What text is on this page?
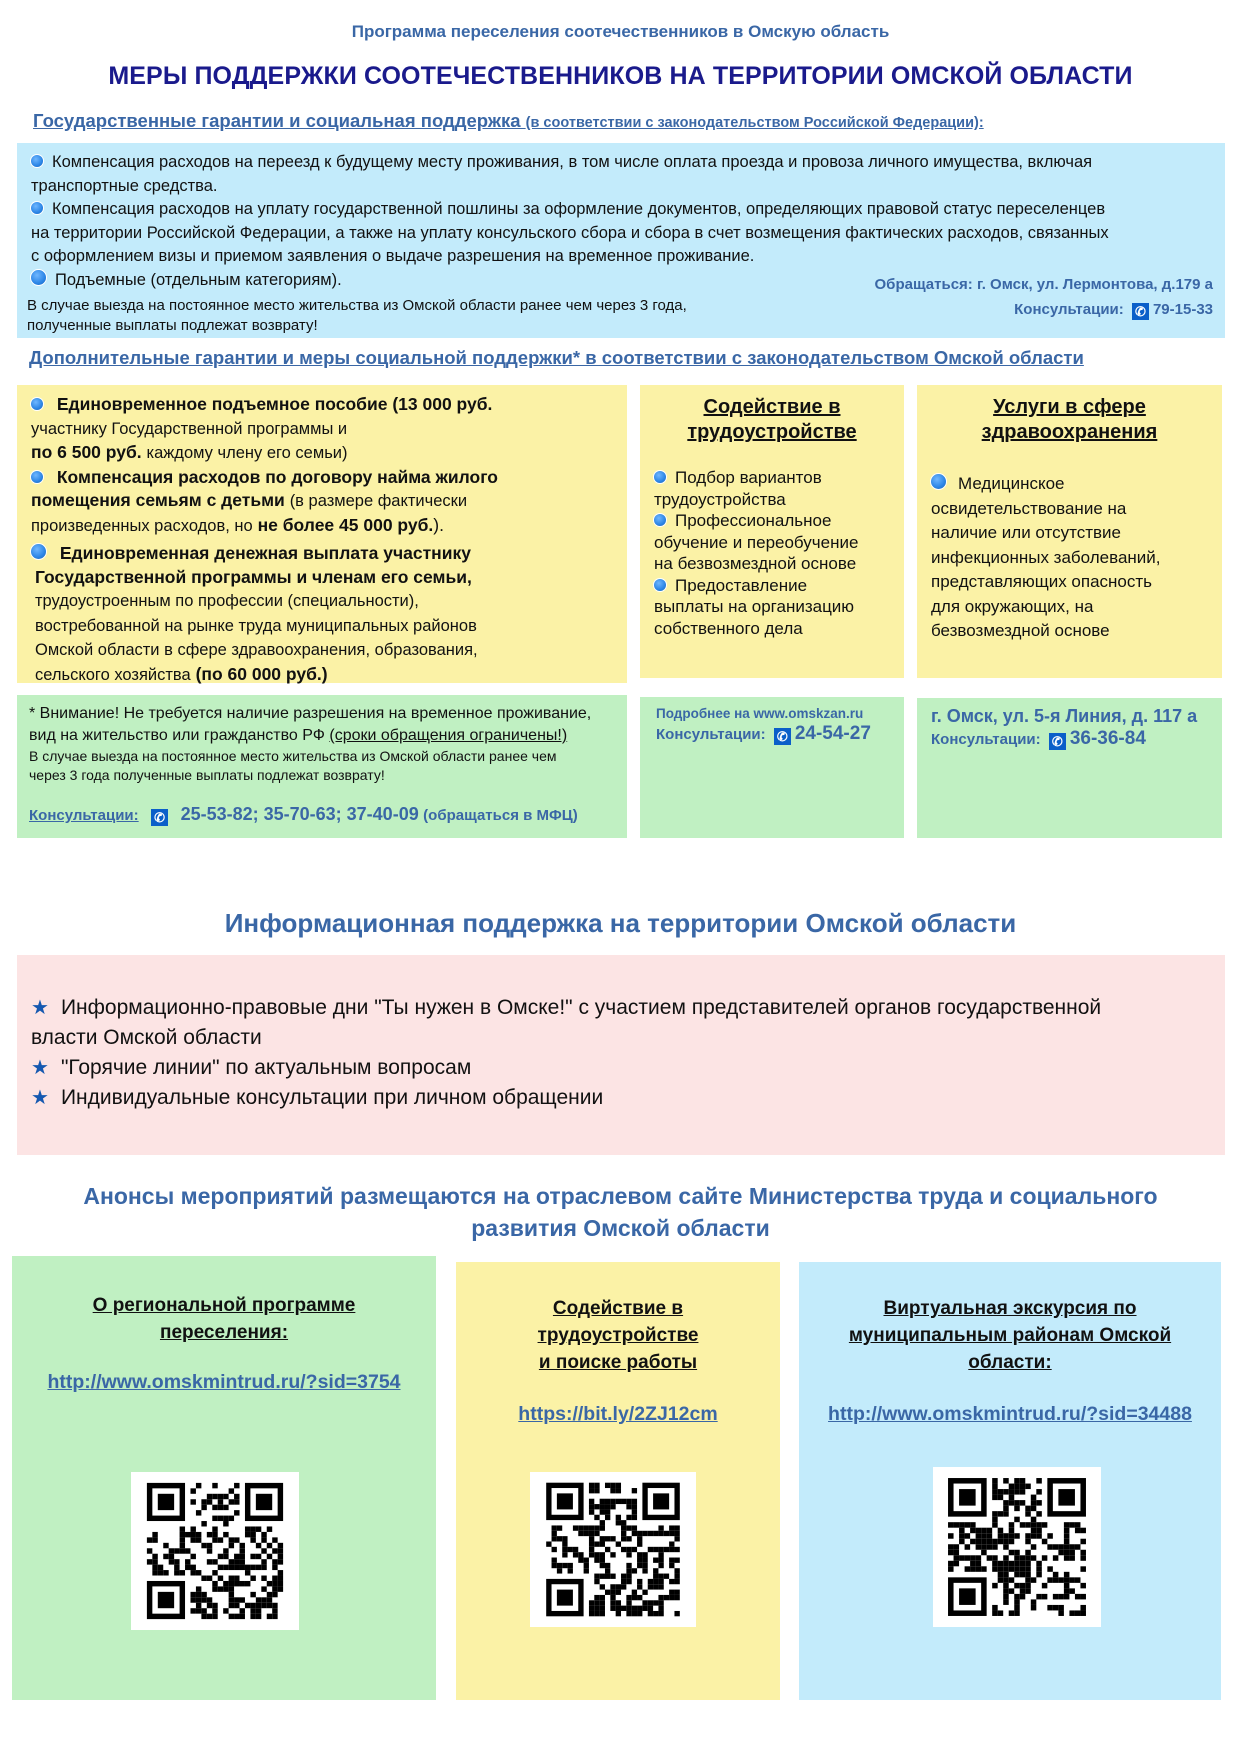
Программа переселения соотечественников в Омскую область
МЕРЫ ПОДДЕРЖКИ СООТЕЧЕСТВЕННИКОВ НА ТЕРРИТОРИИ ОМСКОЙ ОБЛАСТИ
Государственные гарантии и социальная поддержка (в соответствии с законодательством Российской Федерации):
Компенсация расходов на переезд к будущему месту проживания, в том числе оплата проезда и провоза личного имущества, включая
транспортные средства.
Компенсация расходов на уплату государственной пошлины за оформление документов, определяющих правовой статус переселенцев
на территории Российской Федерации, а также на уплату консульского сбора и сбора в счет возмещения фактических расходов, связанных
с оформлением визы и приемом заявления о выдаче разрешения на временное проживание.
Подъемные (отдельным категориям).
В случае выезда на постоянное место жительства из Омской области ранее чем через 3 года,
полученные выплаты подлежат возврату!
Обращаться: г. Омск, ул. Лермонтова, д.179 а
Консультации: ✆ 79-15-33
Дополнительные гарантии и меры социальной поддержки* в соответствии с законодательством Омской области
Единовременное подъемное пособие (13 000 руб.
участнику Государственной программы и
по 6 500 руб. каждому члену его семьи)
Компенсация расходов по договору найма жилого
помещения семьям с детьми (в размере фактически
произведенных расходов, но не более 45 000 руб.).
Единовременная денежная выплата участнику
Государственной программы и членам его семьи,
трудоустроенным по профессии (специальности),
востребованной на рынке труда муниципальных районов
Омской области в сфере здравоохранения, образования,
сельского хозяйства (по 60 000 руб.)
Содействие в
трудоустройстве
Подбор вариантов
трудоустройства
Профессиональное
обучение и переобучение
на безвозмездной основе
Предоставление
выплаты на организацию
собственного дела
Услуги в сфере
здравоохранения
Медицинское
освидетельствование на
наличие или отсутствие
инфекционных заболеваний,
представляющих опасность
для окружающих, на
безвозмездной основе
* Внимание! Не требуется наличие разрешения на временное проживание,
вид на жительство или гражданство РФ (сроки обращения ограничены!)
В случае выезда на постоянное место жительства из Омской области ранее чем
через 3 года полученные выплаты подлежат возврату!
Консультации: ✆ 25-53-82; 35-70-63; 37-40-09 (обращаться в МФЦ)
Подробнее на www.omskzan.ru
Консультации: ✆ 24-54-27
г. Омск, ул. 5-я Линия, д. 117 а
Консультации: ✆ 36-36-84
Информационная поддержка на территории Омской области
★ Информационно-правовые дни "Ты нужен в Омске!" с участием представителей органов государственной
власти Омской области
★ "Горячие линии" по актуальным вопросам
★ Индивидуальные консультации при личном обращении
Анонсы мероприятий размещаются на отраслевом сайте Министерства труда и социального
развития Омской области
О региональной программе
переселения:
http://www.omskmintrud.ru/?sid=3754
Содействие в
трудоустройстве
и поиске работы
https://bit.ly/2ZJ12cm
Виртуальная экскурсия по
муниципальным районам Омской
области:
http://www.omskmintrud.ru/?sid=34488
